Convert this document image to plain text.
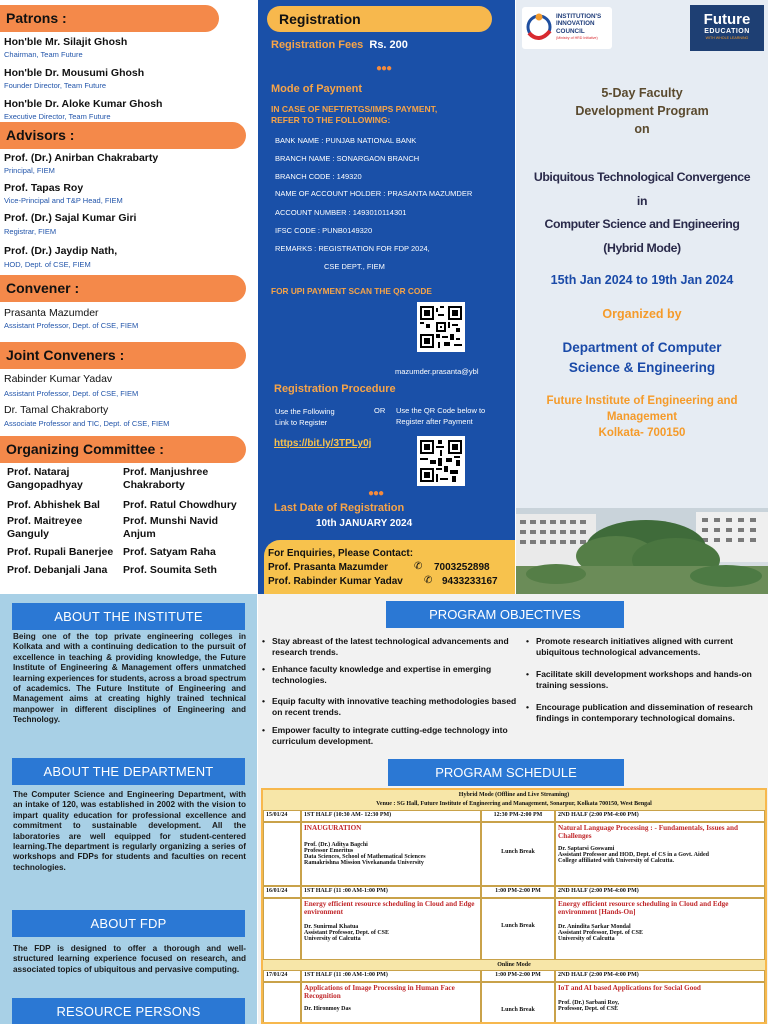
Patrons :
Hon'ble Mr. Silajit Ghosh
Chairman, Team Future
Hon'ble Dr. Mousumi Ghosh
Founder Director, Team Future
Hon'ble Dr. Aloke Kumar Ghosh
Executive Director, Team Future
Advisors :
Prof. (Dr.) Anirban Chakrabarty
Principal, FIEM
Prof. Tapas Roy
Vice-Principal and T&P Head, FIEM
Prof. (Dr.) Sajal Kumar Giri
Registrar, FIEM
Prof. (Dr.) Jaydip Nath,
HOD, Dept. of CSE, FIEM
Convener :
Prasanta Mazumder
Assistant Professor, Dept. of CSE, FIEM
Joint Conveners :
Rabinder Kumar Yadav
Assistant Professor, Dept. of CSE, FIEM
Dr. Tamal Chakraborty
Associate Professor and TIC, Dept. of CSE, FIEM
Organizing Committee :
Prof. Nataraj Gangopadhyay
Prof. Abhishek Bal
Prof. Maitreyee Ganguly
Prof. Rupali Banerjee
Prof. Debanjali Jana
Prof. Manjushree Chakraborty
Prof. Ratul Chowdhury
Prof. Munshi Navid Anjum
Prof. Satyam Raha
Prof. Soumita Seth
Registration
Registration Fees Rs. 200
●●●
Mode of Payment
IN CASE OF NEFT/RTGS/IMPS PAYMENT,
REFER TO THE FOLLOWING:
BANK NAME : PUNJAB NATIONAL BANK
BRANCH NAME : SONARGAON BRANCH
BRANCH CODE : 149320
NAME OF ACCOUNT HOLDER : PRASANTA MAZUMDER
ACCOUNT NUMBER : 1493010114301
IFSC CODE : PUNB0149320
REMARKS : REGISTRATION FOR FDP 2024,
CSE DEPT., FIEM
FOR UPI PAYMENT SCAN THE QR CODE
mazumder.prasanta@ybl
Registration Procedure
Use the Following Link to Register
OR Use the QR Code below to Register after Payment
https://bit.ly/3TPLy0j
●●●
Last Date of Registration
10th JANUARY 2024
For Enquiries, Please Contact:
Prof. Prasanta Mazumder	✆ 7003252898
Prof. Rabinder Kumar Yadav ✆ 9433233167
INSTITUTION'S
INNOVATION
COUNCIL
(Ministry of HRD Initiative)
Future
EDUCATION
WITH WHOLE LEARNING
5-Day Faculty
Development Program
on
Ubiquitous Technological Convergence
in
Computer Science and Engineering
(Hybrid Mode)
15th Jan 2024 to 19th Jan 2024
Organized by
Department of Computer
Science & Engineering
Future Institute of Engineering and
Management
Kolkata- 700150
ABOUT THE INSTITUTE
Being one of the top private engineering colleges in Kolkata and with a continuing dedication to the pursuit of excellence in teaching & providing knowledge, the Future Institute of Engineering & Management offers unmatched learning experiences for students, across a broad spectrum of academics. The Future Institute of Engineering and Management aims at creating highly trained technical manpower in different disciplines of Engineering and Technology.
ABOUT THE DEPARTMENT
The Computer Science and Engineering Department, with an intake of 120, was established in 2002 with the vision to impart quality education for professional excellence and commitment to sustainable development. All the laboratories are well equipped for student-centered learning.The department is regularly organizing a series of workshops and FDPs for students and faculties on recent technologies.
ABOUT FDP
The FDP is designed to offer a thorough and well-structured learning experience focused on research, and associated topics of ubiquitous and pervasive computing.
RESOURCE PERSONS
PROGRAM OBJECTIVES
• Stay abreast of the latest technological advancements and research trends.
• Enhance faculty knowledge and expertise in emerging technologies.
• Equip faculty with innovative teaching methodologies based on recent trends.
• Empower faculty to integrate cutting-edge technology into curriculum development.
• Promote research initiatives aligned with current ubiquitous technological advancements.
• Facilitate skill development workshops and hands-on training sessions.
• Encourage publication and dissemination of research findings in contemporary technological domains.
PROGRAM SCHEDULE
Hybrid Mode (Offline and Live Streaming)
Venue : SG Hall, Future Institute of Engineering and Management, Sonarpur, Kolkata 700150, West Bengal
15/01/24	1ST HALF (10:30 AM- 12:30 PM)	12:30 PM-2:00 PM	2ND HALF (2:00 PM-4:00 PM)
INAUGURATION
Prof. (Dr.) Aditya Bagchi
Professor Emeritus
Data Sciences, School of Mathematical Sciences
Ramakrishna Mission Vivekananda University
Lunch Break
Natural Language Processing : - Fundamentals, Issues and Challenges
Dr. Saptarsi Goswami
Assistant Professor and HOD, Dept. of CS in a Govt. Aided
College affiliated with University of Calcutta.
16/01/24	1ST HALF (11 :00 AM-1:00 PM)	1:00 PM-2:00 PM	2ND HALF (2:00 PM-4:00 PM)
Energy efficient resource scheduling in Cloud and Edge environment
Dr. Sunirmal Khatua
Assistant Professor, Dept. of CSE
University of Calcutta
Lunch Break
Energy efficient resource scheduling in Cloud and Edge environment [Hands-On]
Dr. Anindita Sarkar Mondal
Assistant Professor, Dept. of CSE
University of Calcutta
Online Mode
17/01/24	1ST HALF (11 :00 AM-1:00 PM)	1:00 PM-2:00 PM	2ND HALF (2:00 PM-4:00 PM)
Applications of Image Processing in Human Face Recognition
Dr. Hironmoy Das	Lunch Break
IoT and AI based Applications for Social Good
Prof. (Dr.) Sarbani Roy,
Professor, Dept. of CSE
